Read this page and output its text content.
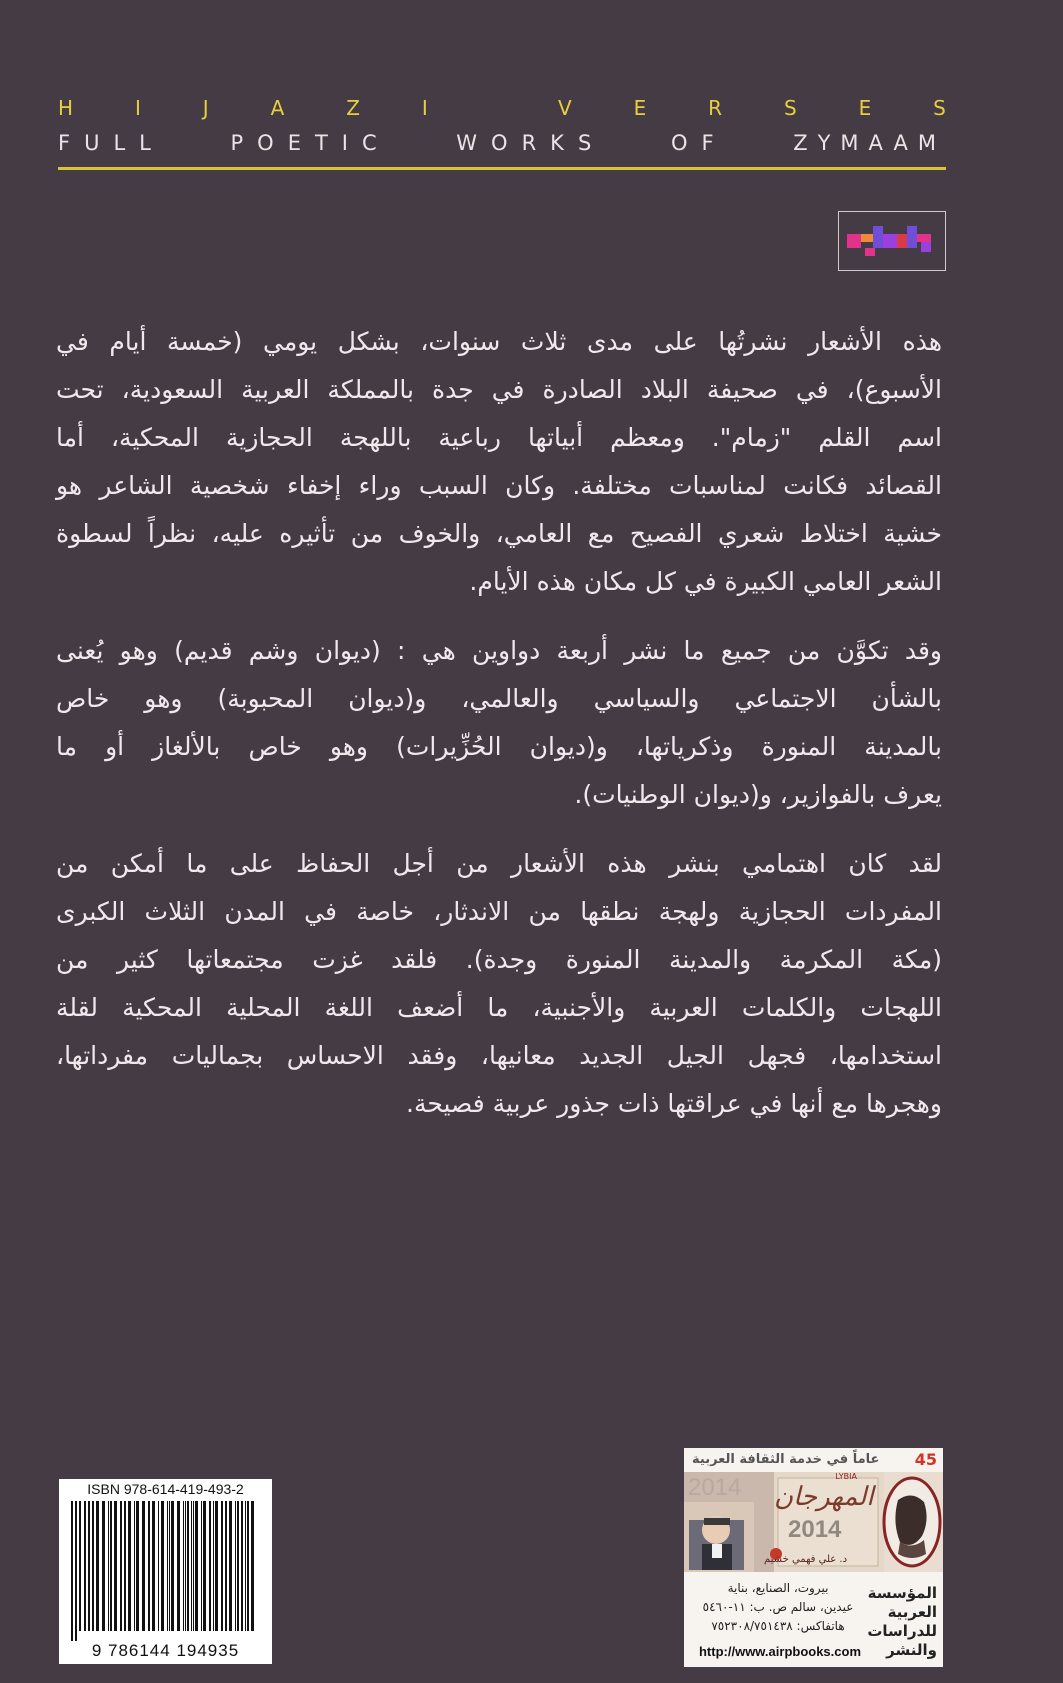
H	I	J	A	Z	I
	V	E	R	S	E	S
FULL	POETIC	WORKS	OF	ZYMAAM

هذه الأشعار نشرتُها على مدى ثلاث سنوات، بشكل يومي (خمسة أيام في

الأسبوع)، في صحيفة البلاد الصادرة في جدة بالمملكة العربية السعودية، تحت

اسم القلم "زمام". ومعظم أبياتها رباعية باللهجة الحجازية المحكية، أما

القصائد فكانت لمناسبات مختلفة. وكان السبب وراء إخفاء شخصية الشاعر هو

خشية اختلاط شعري الفصيح مع العامي، والخوف من تأثيره عليه، نظراً لسطوة

الشعر العامي الكبيرة في كل مكان هذه الأيام.

وقد تكوَّن من جميع ما نشر أربعة دواوين هي : (ديوان وشم قديم) وهو يُعنى

بالشأن الاجتماعي والسياسي والعالمي، و(ديوان المحبوبة) وهو خاص

بالمدينة المنورة وذكرياتها، و(ديوان الحُزِّيرات) وهو خاص بالألغاز أو ما

يعرف بالفوازير، و(ديوان الوطنيات).

لقد كان اهتمامي بنشر هذه الأشعار من أجل الحفاظ على ما أمكن من

المفردات الحجازية ولهجة نطقها من الاندثار، خاصة في المدن الثلاث الكبرى

(مكة المكرمة والمدينة المنورة وجدة). فلقد غزت مجتمعاتها كثير من

اللهجات والكلمات العربية والأجنبية، ما أضعف اللغة المحلية المحكية لقلة

استخدامها، فجهل الجيل الجديد معانيها، وفقد الاحساس بجماليات مفرداتها،

وهجرها مع أنها في عراقتها ذات جذور عربية فصيحة.

ISBN 978-614-419-493-2
9 786144 194935
45
عاماً في خدمة الثقافة العربية
2014	LYBIA
المهرجان
2014
د. علي فهمي خشيم
المؤسسة
العربية
للدراسات
والنشر
بيروت، الصنايع، بناية
عيدين، سالم ص. ب: ١١-٥٤٦٠
هاتفاكس: ٧٥٢٣٠٨/٧٥١٤٣٨
http://www.airpbooks.com
